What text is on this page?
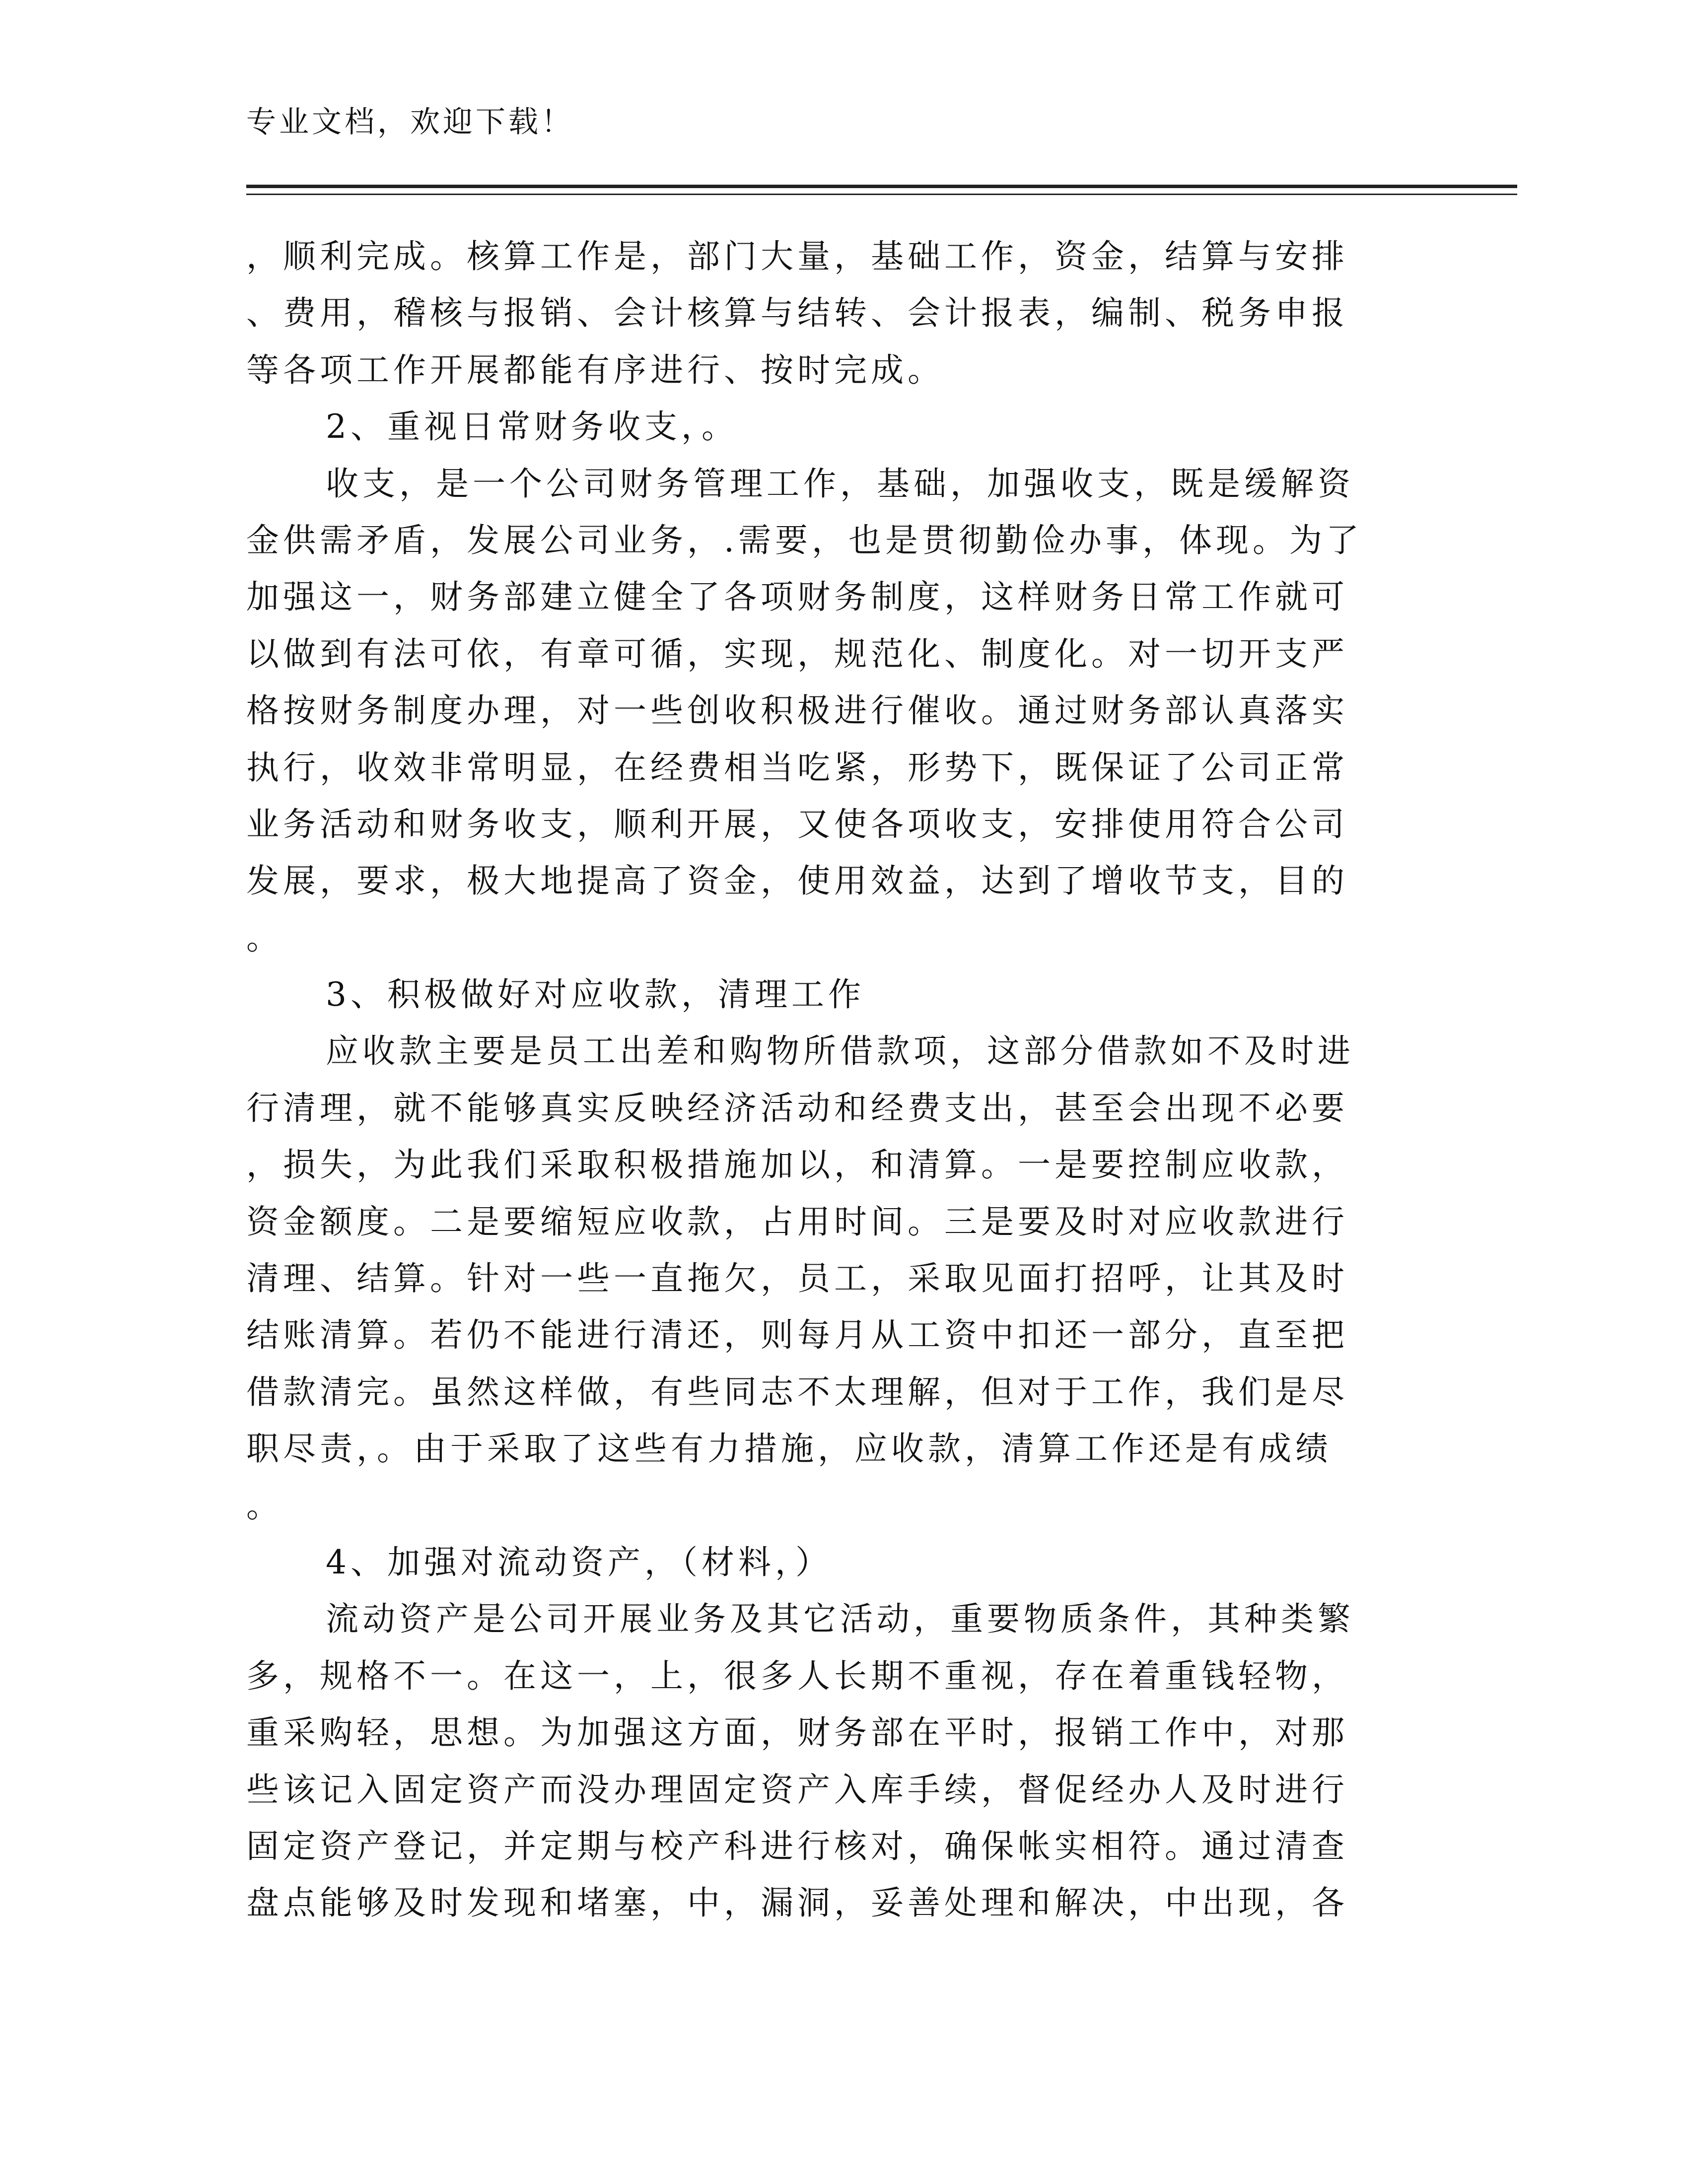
专业文档，欢迎下载！
，顺利完成。核算工作是，部门大量，基础工作，资金，结算与安排
、费用，稽核与报销、会计核算与结转、会计报表，编制、税务申报
等各项工作开展都能有序进行、按时完成。
2、重视日常财务收支，。
收支，是一个公司财务管理工作，基础，加强收支，既是缓解资
金供需矛盾，发展公司业务，.需要，也是贯彻勤俭办事，体现。为了
加强这一，财务部建立健全了各项财务制度，这样财务日常工作就可
以做到有法可依，有章可循，实现，规范化、制度化。对一切开支严
格按财务制度办理，对一些创收积极进行催收。通过财务部认真落实
执行，收效非常明显，在经费相当吃紧，形势下，既保证了公司正常
业务活动和财务收支，顺利开展，又使各项收支，安排使用符合公司
发展，要求，极大地提高了资金，使用效益，达到了增收节支，目的
。
3、积极做好对应收款，清理工作
应收款主要是员工出差和购物所借款项，这部分借款如不及时进
行清理，就不能够真实反映经济活动和经费支出，甚至会出现不必要
，损失，为此我们采取积极措施加以，和清算。一是要控制应收款，
资金额度。二是要缩短应收款，占用时间。三是要及时对应收款进行
清理、结算。针对一些一直拖欠，员工，采取见面打招呼，让其及时
结账清算。若仍不能进行清还，则每月从工资中扣还一部分，直至把
借款清完。虽然这样做，有些同志不太理解，但对于工作，我们是尽
职尽责，。由于采取了这些有力措施，应收款，清算工作还是有成绩
。
4、加强对流动资产，（材料，）
流动资产是公司开展业务及其它活动，重要物质条件，其种类繁
多，规格不一。在这一，上，很多人长期不重视，存在着重钱轻物，
重采购轻，思想。为加强这方面，财务部在平时，报销工作中，对那
些该记入固定资产而没办理固定资产入库手续，督促经办人及时进行
固定资产登记，并定期与校产科进行核对，确保帐实相符。通过清查
盘点能够及时发现和堵塞，中，漏洞，妥善处理和解决，中出现，各
